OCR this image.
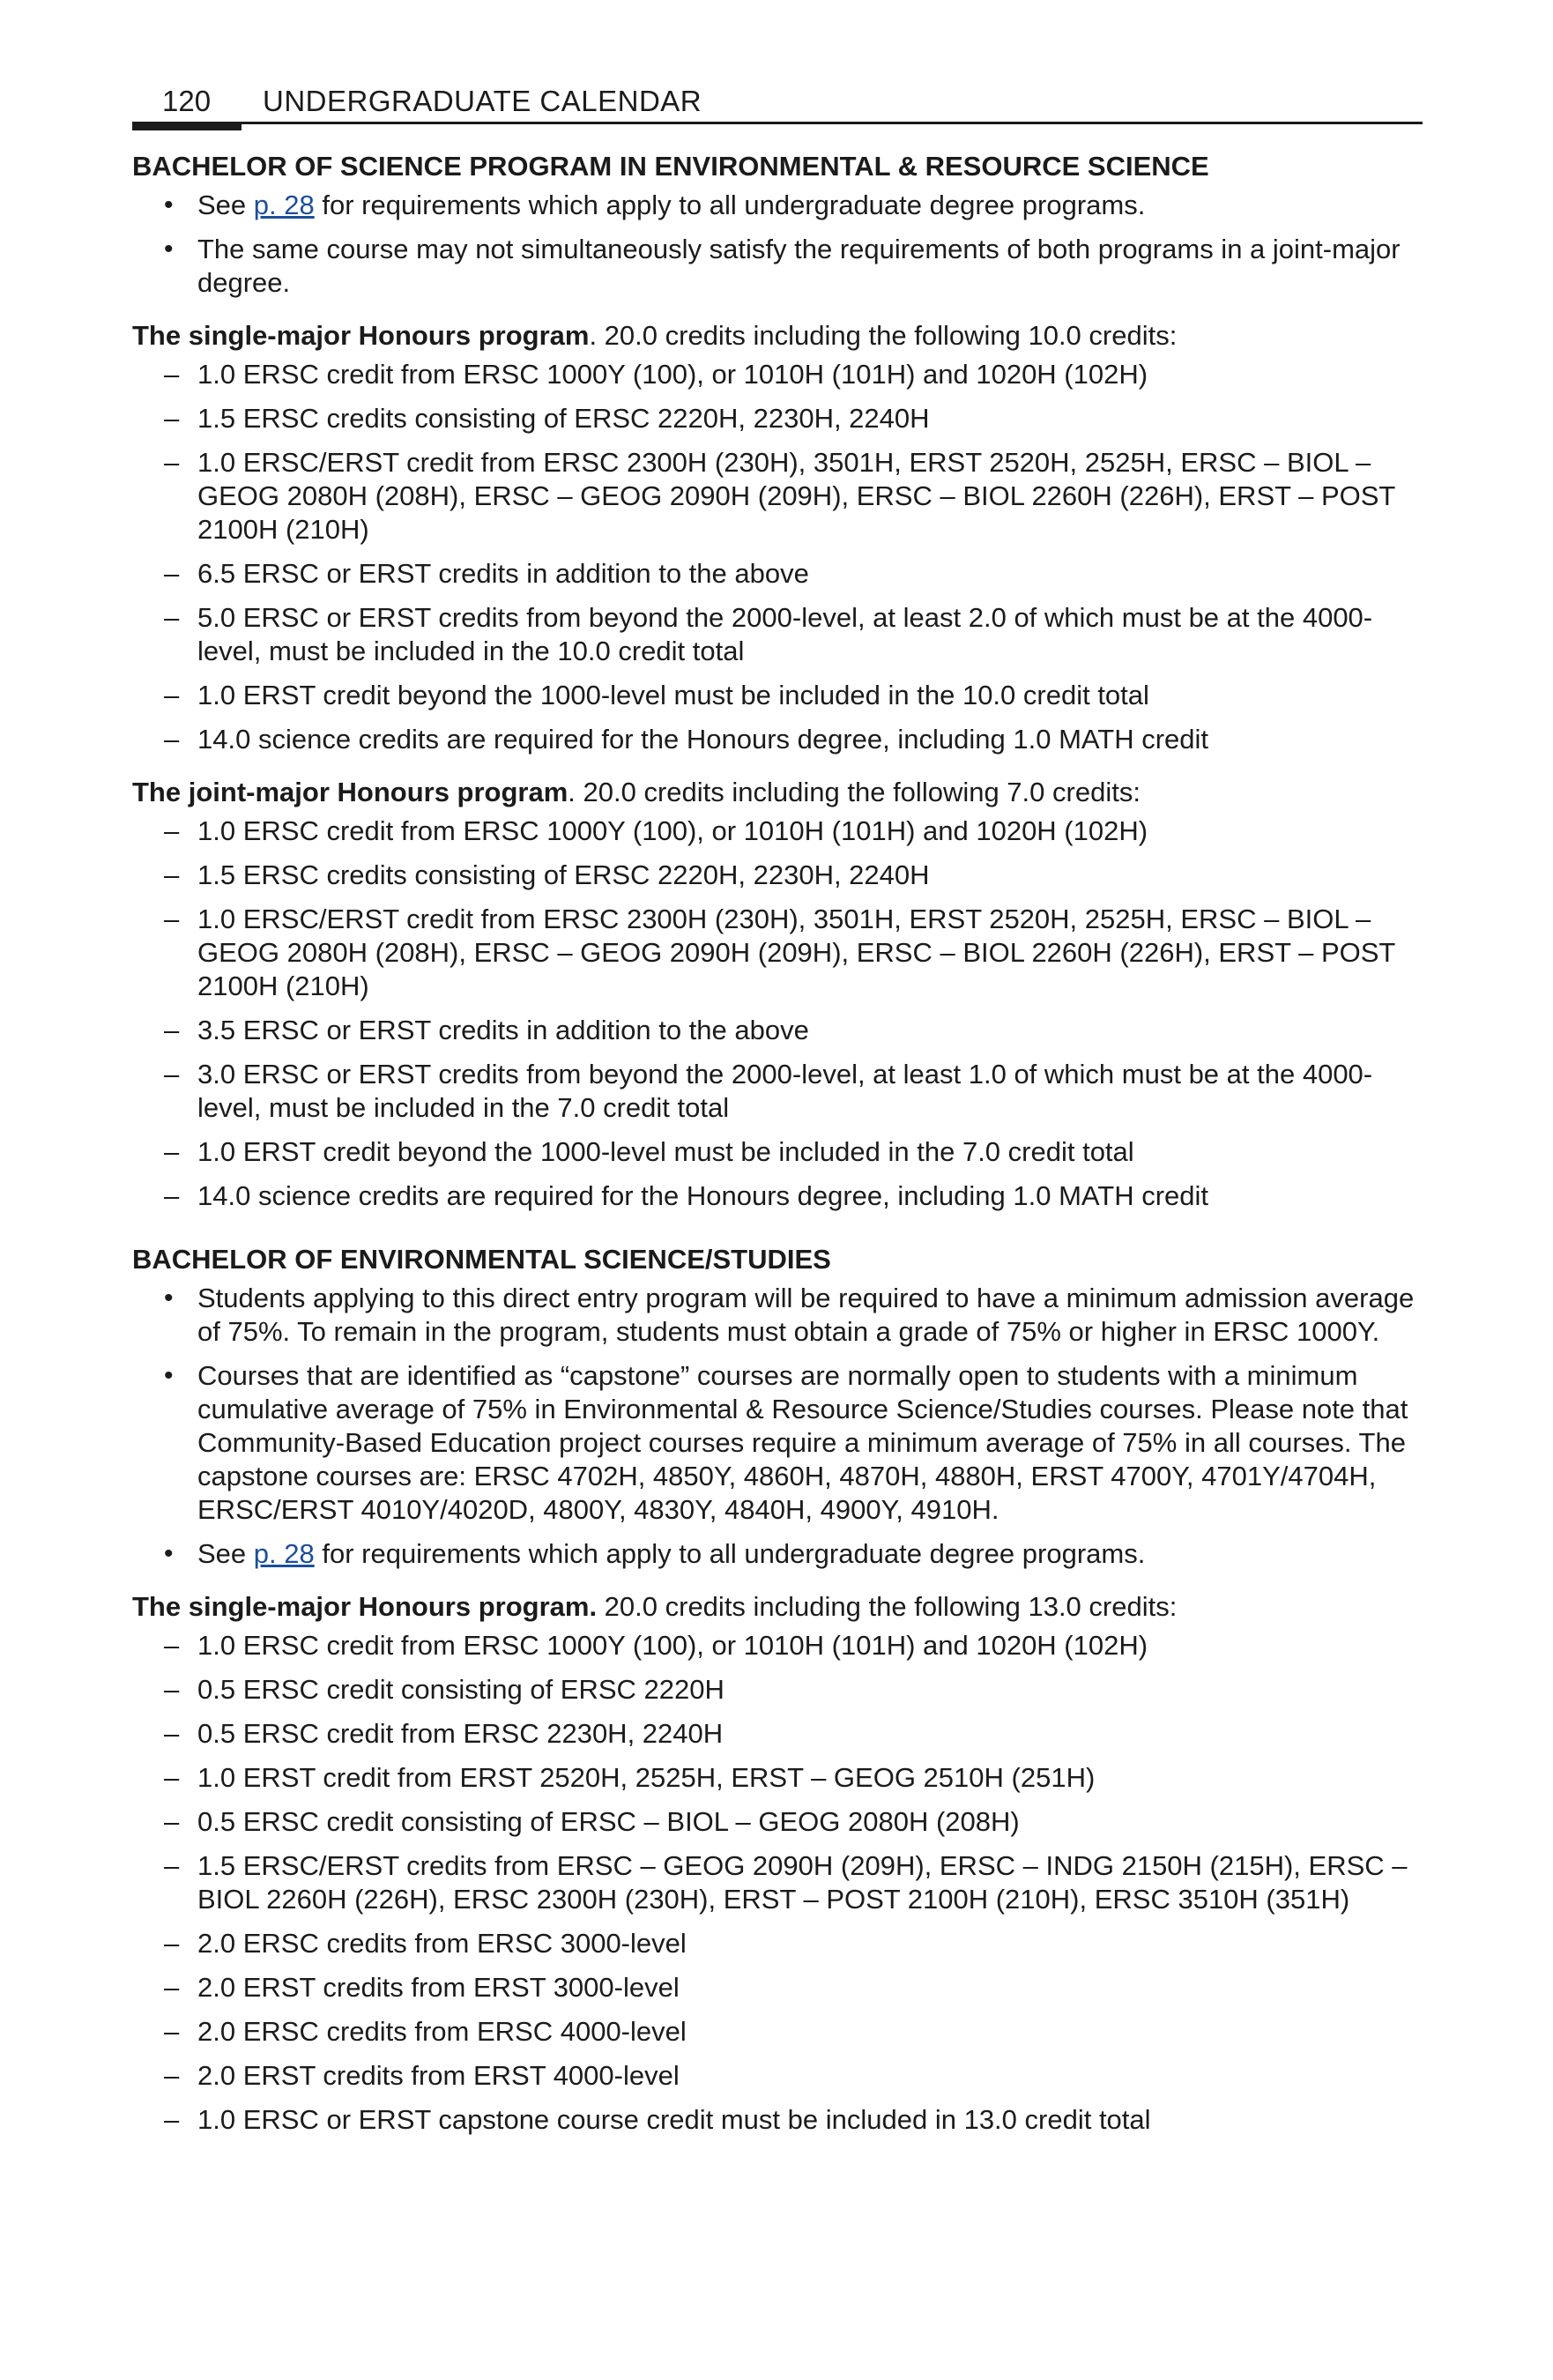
120 UNDERGRADUATE CALENDAR
BACHELOR OF SCIENCE PROGRAM IN ENVIRONMENTAL & RESOURCE SCIENCE
• See p. 28 for requirements which apply to all undergraduate degree programs.
• The same course may not simultaneously satisfy the requirements of both programs in a joint-major degree.
The single-major Honours program. 20.0 credits including the following 10.0 credits:
– 1.0 ERSC credit from ERSC 1000Y (100), or 1010H (101H) and 1020H (102H)
– 1.5 ERSC credits consisting of ERSC 2220H, 2230H, 2240H
– 1.0 ERSC/ERST credit from ERSC 2300H (230H), 3501H, ERST 2520H, 2525H, ERSC – BIOL – GEOG 2080H (208H), ERSC – GEOG 2090H (209H), ERSC – BIOL 2260H (226H), ERST – POST 2100H (210H)
– 6.5 ERSC or ERST credits in addition to the above
– 5.0 ERSC or ERST credits from beyond the 2000-level, at least 2.0 of which must be at the 4000-level, must be included in the 10.0 credit total
– 1.0 ERST credit beyond the 1000-level must be included in the 10.0 credit total
– 14.0 science credits are required for the Honours degree, including 1.0 MATH credit
The joint-major Honours program. 20.0 credits including the following 7.0 credits:
– 1.0 ERSC credit from ERSC 1000Y (100), or 1010H (101H) and 1020H (102H)
– 1.5 ERSC credits consisting of ERSC 2220H, 2230H, 2240H
– 1.0 ERSC/ERST credit from ERSC 2300H (230H), 3501H, ERST 2520H, 2525H, ERSC – BIOL – GEOG 2080H (208H), ERSC – GEOG 2090H (209H), ERSC – BIOL 2260H (226H), ERST – POST 2100H (210H)
– 3.5 ERSC or ERST credits in addition to the above
– 3.0 ERSC or ERST credits from beyond the 2000-level, at least 1.0 of which must be at the 4000-level, must be included in the 7.0 credit total
– 1.0 ERST credit beyond the 1000-level must be included in the 7.0 credit total
– 14.0 science credits are required for the Honours degree, including 1.0 MATH credit
BACHELOR OF ENVIRONMENTAL SCIENCE/STUDIES
• Students applying to this direct entry program will be required to have a minimum admission average of 75%. To remain in the program, students must obtain a grade of 75% or higher in ERSC 1000Y.
• Courses that are identified as “capstone” courses are normally open to students with a minimum cumulative average of 75% in Environmental & Resource Science/Studies courses. Please note that Community-Based Education project courses require a minimum average of 75% in all courses. The capstone courses are: ERSC 4702H, 4850Y, 4860H, 4870H, 4880H, ERST 4700Y, 4701Y/4704H, ERSC/ERST 4010Y/4020D, 4800Y, 4830Y, 4840H, 4900Y, 4910H.
• See p. 28 for requirements which apply to all undergraduate degree programs.
The single-major Honours program. 20.0 credits including the following 13.0 credits:
– 1.0 ERSC credit from ERSC 1000Y (100), or 1010H (101H) and 1020H (102H)
– 0.5 ERSC credit consisting of ERSC 2220H
– 0.5 ERSC credit from ERSC 2230H, 2240H
– 1.0 ERST credit from ERST 2520H, 2525H, ERST – GEOG 2510H (251H)
– 0.5 ERSC credit consisting of ERSC – BIOL – GEOG 2080H (208H)
– 1.5 ERSC/ERST credits from ERSC – GEOG 2090H (209H), ERSC – INDG 2150H (215H), ERSC – BIOL 2260H (226H), ERSC 2300H (230H), ERST – POST 2100H (210H), ERSC 3510H (351H)
– 2.0 ERSC credits from ERSC 3000-level
– 2.0 ERST credits from ERST 3000-level
– 2.0 ERSC credits from ERSC 4000-level
– 2.0 ERST credits from ERST 4000-level
– 1.0 ERSC or ERST capstone course credit must be included in 13.0 credit total
